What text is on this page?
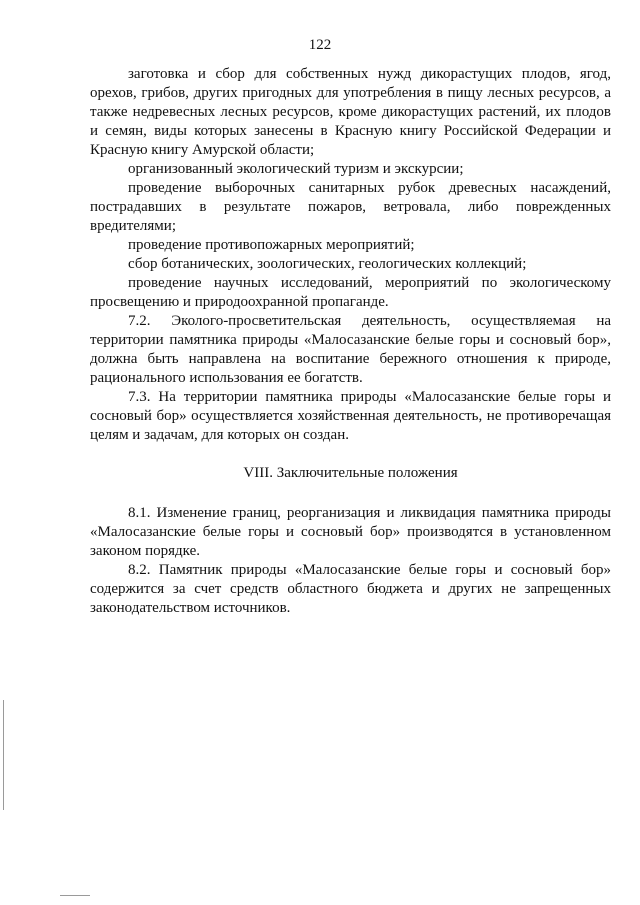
122

заготовка и сбор для собственных нужд дикорастущих плодов, ягод, орехов, грибов, других пригодных для употребления в пищу лесных ресурсов, а также недревесных лесных ресурсов, кроме дикорастущих растений, их плодов и семян, виды которых занесены в Красную книгу Российской Федерации и Красную книгу Амурской области;

организованный экологический туризм и экскурсии;

проведение выборочных санитарных рубок древесных насаждений, пострадавших в результате пожаров, ветровала, либо поврежденных вредителями;

проведение противопожарных мероприятий;

сбор ботанических, зоологических, геологических коллекций;

проведение научных исследований, мероприятий по экологическому просвещению и природоохранной пропаганде.

7.2. Эколого-просветительская деятельность, осуществляемая на территории памятника природы «Малосазанские белые горы и сосновый бор», должна быть направлена на воспитание бережного отношения к природе, рационального использования ее богатств.

7.3. На территории памятника природы «Малосазанские белые горы и сосновый бор» осуществляется хозяйственная деятельность, не противоречащая целям и задачам, для которых он создан.

VIII. Заключительные положения

8.1. Изменение границ, реорганизация и ликвидация памятника природы «Малосазанские белые горы и сосновый бор» производятся в установленном законом порядке.

8.2. Памятник природы «Малосазанские белые горы и сосновый бор» содержится за счет средств областного бюджета и других не запрещенных законодательством источников.
